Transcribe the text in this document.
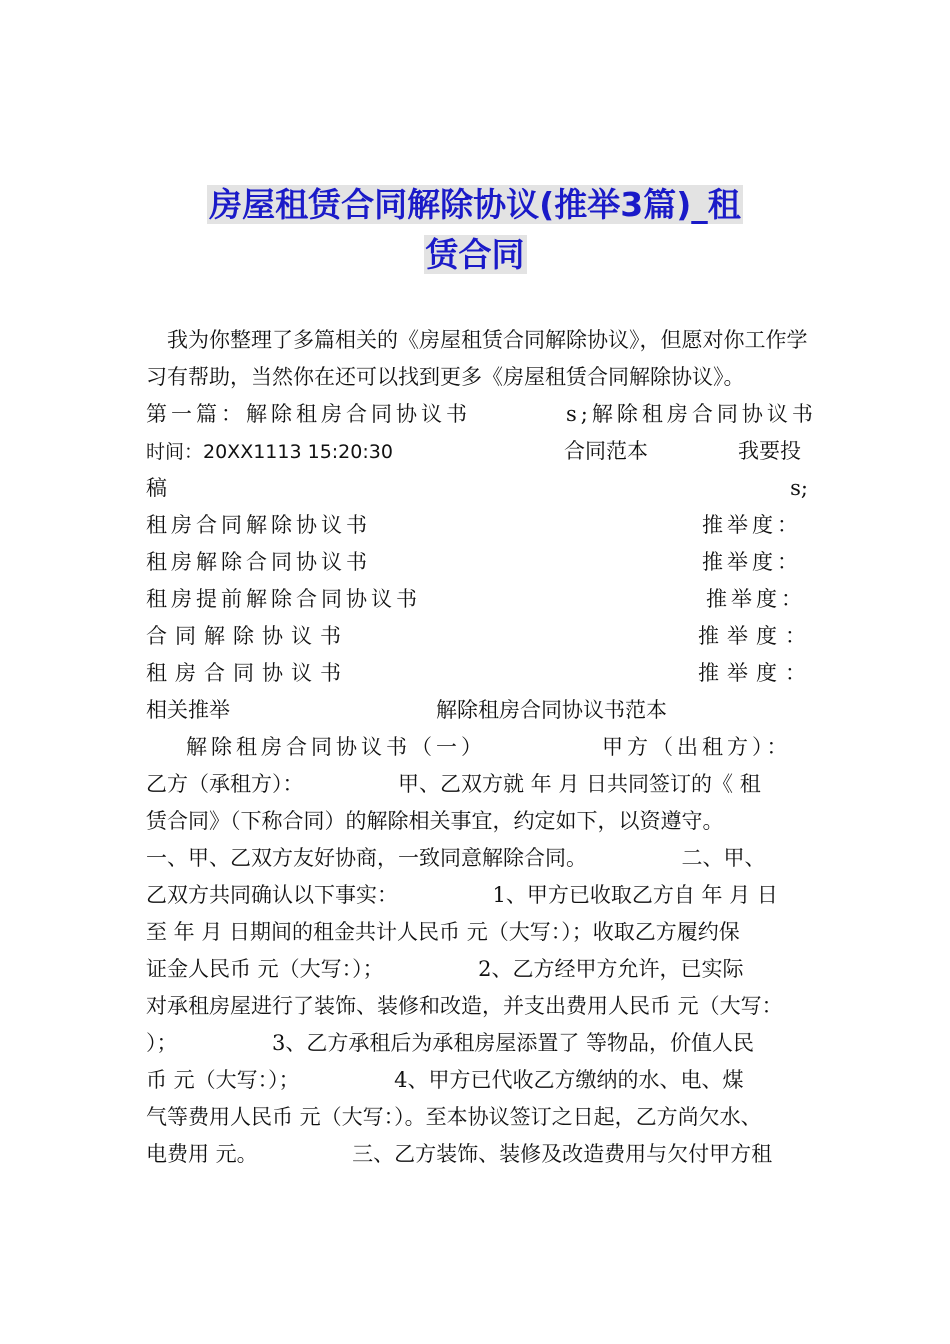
房屋租赁合同解除协议(推举3篇)_租
赁合同
我为你整理了多篇相关的《房屋租赁合同解除协议》，但愿对你工作学习有帮助，当然你在还可以找到更多《房屋租赁合同解除协议》。
第一篇：解除租房合同协议书	s;解除租房合同协议书
时间：20XX1113 15:20:30	合同范本	我要投
稿	s;
租房合同解除协议书	推举度：
租房解除合同协议书	推举度：
租房提前解除合同协议书	推举度：
合同解除协议书	推举度：
租房合同协议书	推举度：
相关推举	解除租房合同协议书范本
解除租房合同协议书（一）	甲方（出租方）：
乙方（承租方）：　　　　　甲、乙双方就 年 月 日共同签订的《 租
赁合同》（下称合同）的解除相关事宜，约定如下，以资遵守。
一、甲、乙双方友好协商，一致同意解除合同。　　　　　二、甲、
乙双方共同确认以下事实：　　　　　1、甲方已收取乙方自 年 月 日
至 年 月 日期间的租金共计人民币 元（大写：）；收取乙方履约保
证金人民币 元（大写：）；　　　　　2、乙方经甲方允许，已实际
对承租房屋进行了装饰、装修和改造，并支出费用人民币 元（大写：
）；　　　　　3、乙方承租后为承租房屋添置了 等物品，价值人民
币 元（大写：）；　　　　　4、甲方已代收乙方缴纳的水、电、煤
气等费用人民币 元（大写：）。至本协议签订之日起，乙方尚欠水、
电费用 元。　　　　　三、乙方装饰、装修及改造费用与欠付甲方租
